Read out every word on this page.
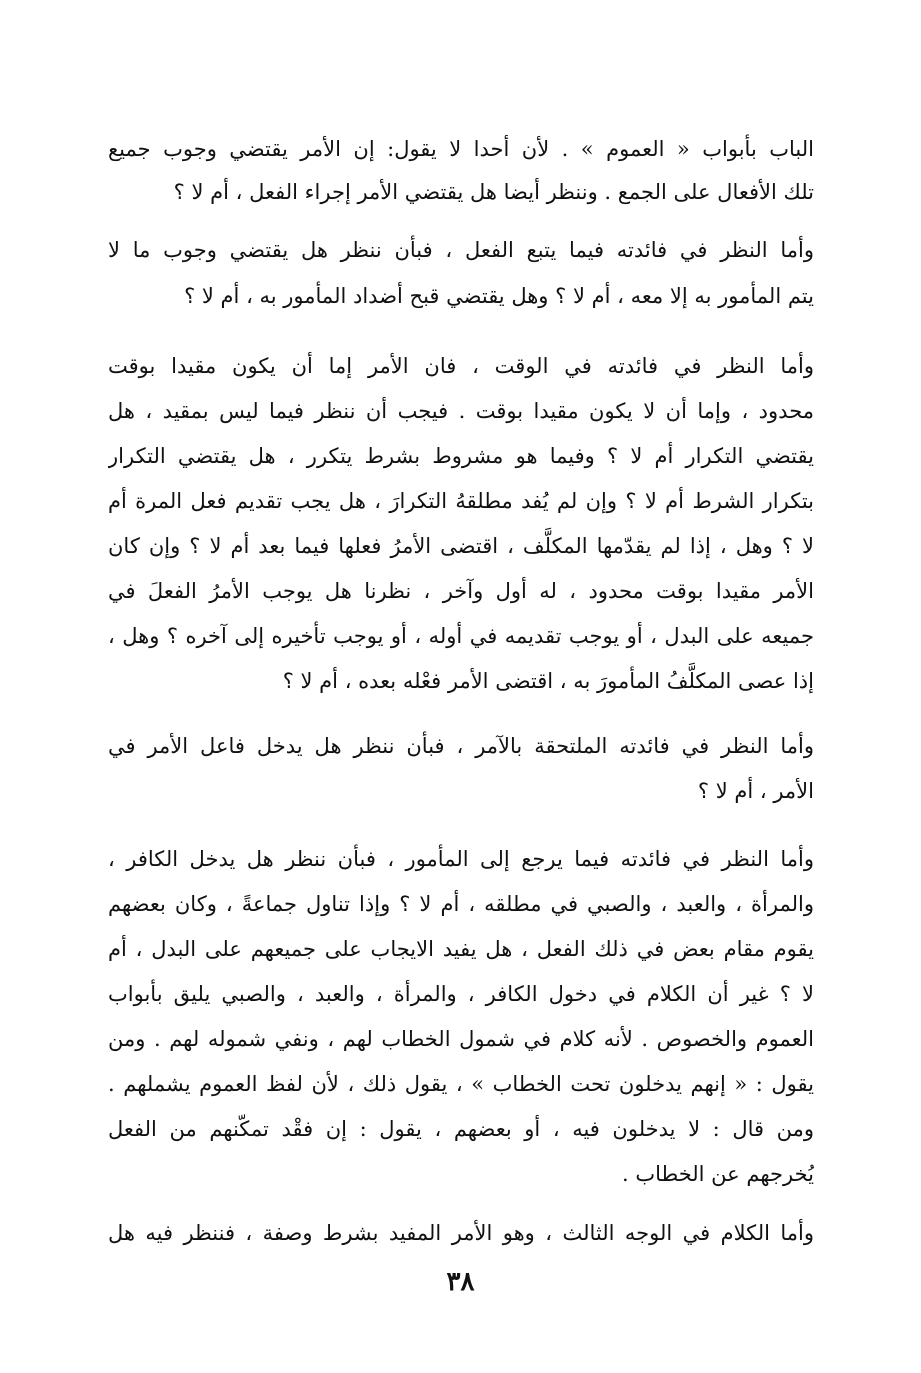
الباب بأبواب « العموم » . لأن أحدا لا يقول: إن الأمر يقتضي وجوب جميع
تلك الأفعال على الجمع . وننظر أيضا هل يقتضي الأمر إجراء الفعل ، أم لا ؟
وأما النظر في فائدته فيما يتبع الفعل ، فبأن ننظر هل يقتضي وجوب ما لا
يتم المأمور به إلا معه ، أم لا ؟ وهل يقتضي قبح أضداد المأمور به ، أم لا ؟
وأما النظر في فائدته في الوقت ، فان الأمر إما أن يكون مقيدا بوقت
محدود ، وإما أن لا يكون مقيدا بوقت . فيجب أن ننظر فيما ليس بمقيد ، هل
يقتضي التكرار أم لا ؟ وفيما هو مشروط بشرط يتكرر ، هل يقتضي التكرار
بتكرار الشرط أم لا ؟ وإن لم يُفد مطلقهُ التكرارَ ، هل يجب تقديم فعل المرة أم
لا ؟ وهل ، إذا لم يقدّمها المكلَّف ، اقتضى الأمرُ فعلها فيما بعد أم لا ؟ وإن كان
الأمر مقيدا بوقت محدود ، له أول وآخر ، نظرنا هل يوجب الأمرُ الفعلَ في
جميعه على البدل ، أو يوجب تقديمه في أوله ، أو يوجب تأخيره إلى آخره ؟ وهل ،
إذا عصى المكلَّفُ المأمورَ به ، اقتضى الأمر فعْله بعده ، أم لا ؟
وأما النظر في فائدته الملتحقة بالآمر ، فبأن ننظر هل يدخل فاعل الأمر في
الأمر ، أم لا ؟
وأما النظر في فائدته فيما يرجع إلى المأمور ، فبأن ننظر هل يدخل الكافر ،
والمرأة ، والعبد ، والصبي في مطلقه ، أم لا ؟ وإذا تناول جماعةً ، وكان بعضهم
يقوم مقام بعض في ذلك الفعل ، هل يفيد الايجاب على جميعهم على البدل ، أم
لا ؟ غير أن الكلام في دخول الكافر ، والمرأة ، والعبد ، والصبي يليق بأبواب
العموم والخصوص . لأنه كلام في شمول الخطاب لهم ، ونفي شموله لهم . ومن
يقول : « إنهم يدخلون تحت الخطاب » ، يقول ذلك ، لأن لفظ العموم يشملهم .
ومن قال : لا يدخلون فيه ، أو بعضهم ، يقول : إن فقْد تمكّنهم من الفعل
يُخرجهم عن الخطاب .
وأما الكلام في الوجه الثالث ، وهو الأمر المفيد بشرط وصفة ، فننظر فيه هل
٣٨
